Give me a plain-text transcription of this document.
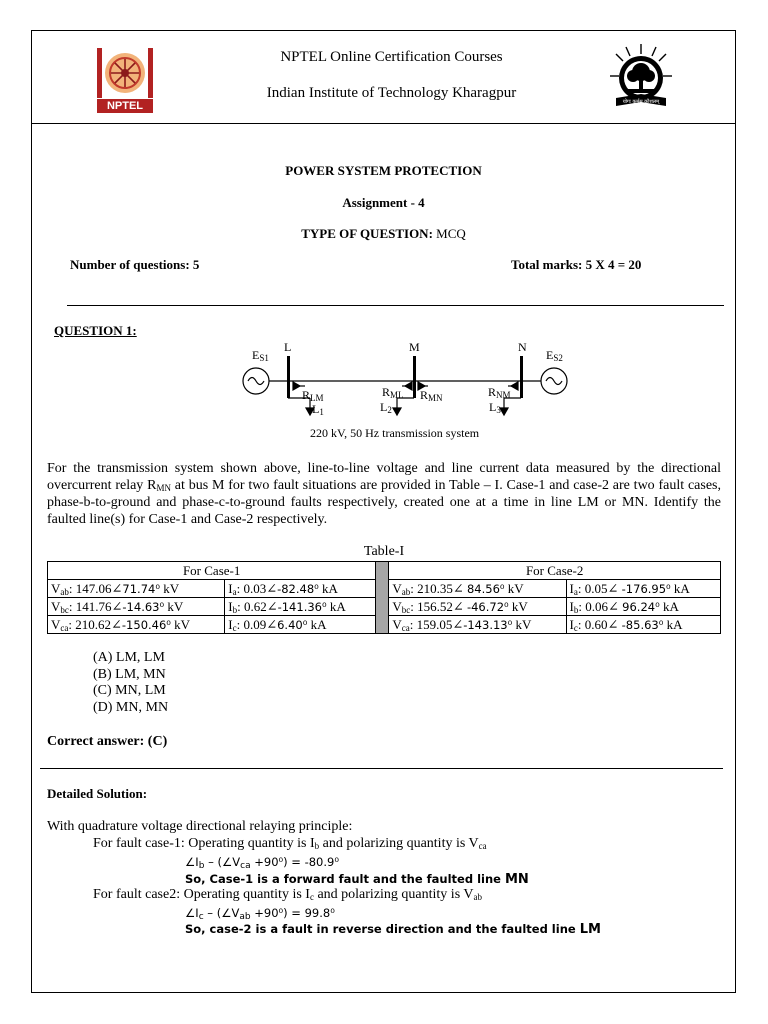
NPTEL	योगः कर्मसु कौशलम्
NPTEL Online Certification Courses
Indian Institute of Technology Kharagpur
POWER SYSTEM PROTECTION
Assignment - 4
TYPE OF QUESTION: MCQ
Number of questions: 5	Total marks: 5 X 4 = 20
QUESTION 1:
L	M	N
$E_{S1}$	$E_{S2}$
$R_{LM}$	$R_{ML}$ $R_{MN}$	$R_{NM}$
$L_1$	$L_2$	$L_3$
220 kV, 50 Hz transmission system
For the transmission system shown above, line-to-line voltage and line current data measured by the directional overcurrent relay $R_{MN}$ at bus M for two fault situations are provided in Table – I. Case-1 and case-2 are two fault cases, phase-b-to-ground and phase-c-to-ground faults respectively, created one at a time in line LM or MN. Identify the faulted line(s) for Case-1 and Case-2 respectively.
Table-I
For Case-1			For Case-2	
$V_{ab}$: 147.06∠71.74⁰ kV	$I_a$: 0.03∠-82.48⁰ kA		$V_{ab}$: 210.35∠ 84.56⁰ kV	$I_a$: 0.05∠ -176.95⁰ kA
$V_{bc}$: 141.76∠-14.63⁰ kV	$I_b$: 0.62∠-141.36⁰ kA		$V_{bc}$: 156.52∠ -46.72⁰ kV	$I_b$: 0.06∠ 96.24⁰ kA
$V_{ca}$: 210.62∠-150.46⁰ kV	$I_c$: 0.09∠6.40⁰ kA		$V_{ca}$: 159.05∠-143.13⁰ kV	$I_c$: 0.60∠ -85.63⁰ kA
(A) LM, LM
(B) LM, MN
(C) MN, LM
(D) MN, MN
Correct answer: (C)
Detailed Solution:
With quadrature voltage directional relaying principle:
For fault case-1: Operating quantity is $I_b$ and polarizing quantity is $V_{ca}$
$\angle I_b$ – $(\angle V_{ca} +90^0) = -80.9^0$
So, Case-1 is a forward fault and the faulted line MN
For fault case2: Operating quantity is $I_c$ and polarizing quantity is $V_{ab}$
$\angle I_c$ – $(\angle V_{ab} +90^0) = 99.8^0$
So, case-2 is a fault in reverse direction and the faulted line LM
